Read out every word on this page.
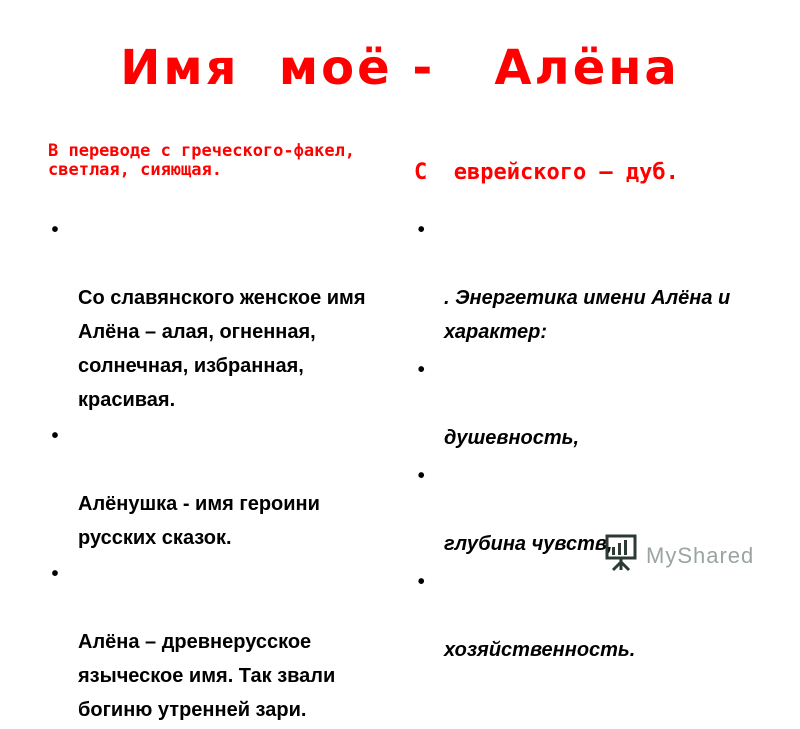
Имя  моё -   Алёна

В переводе с греческого-факел, светлая, сияющая.	С  еврейского – дуб.

•

Со славянского женское имя Алёна – алая, огненная, солнечная, избранная, красивая.

•

Алёнушка - имя героини русских сказок.

•

Алёна – древнерусское языческое имя. Так звали богиню утренней зари.

•

. Энергетика имени Алёна и характер:

•

душевность,

•

глубина чувств,

•

хозяйственность.

MyShared
